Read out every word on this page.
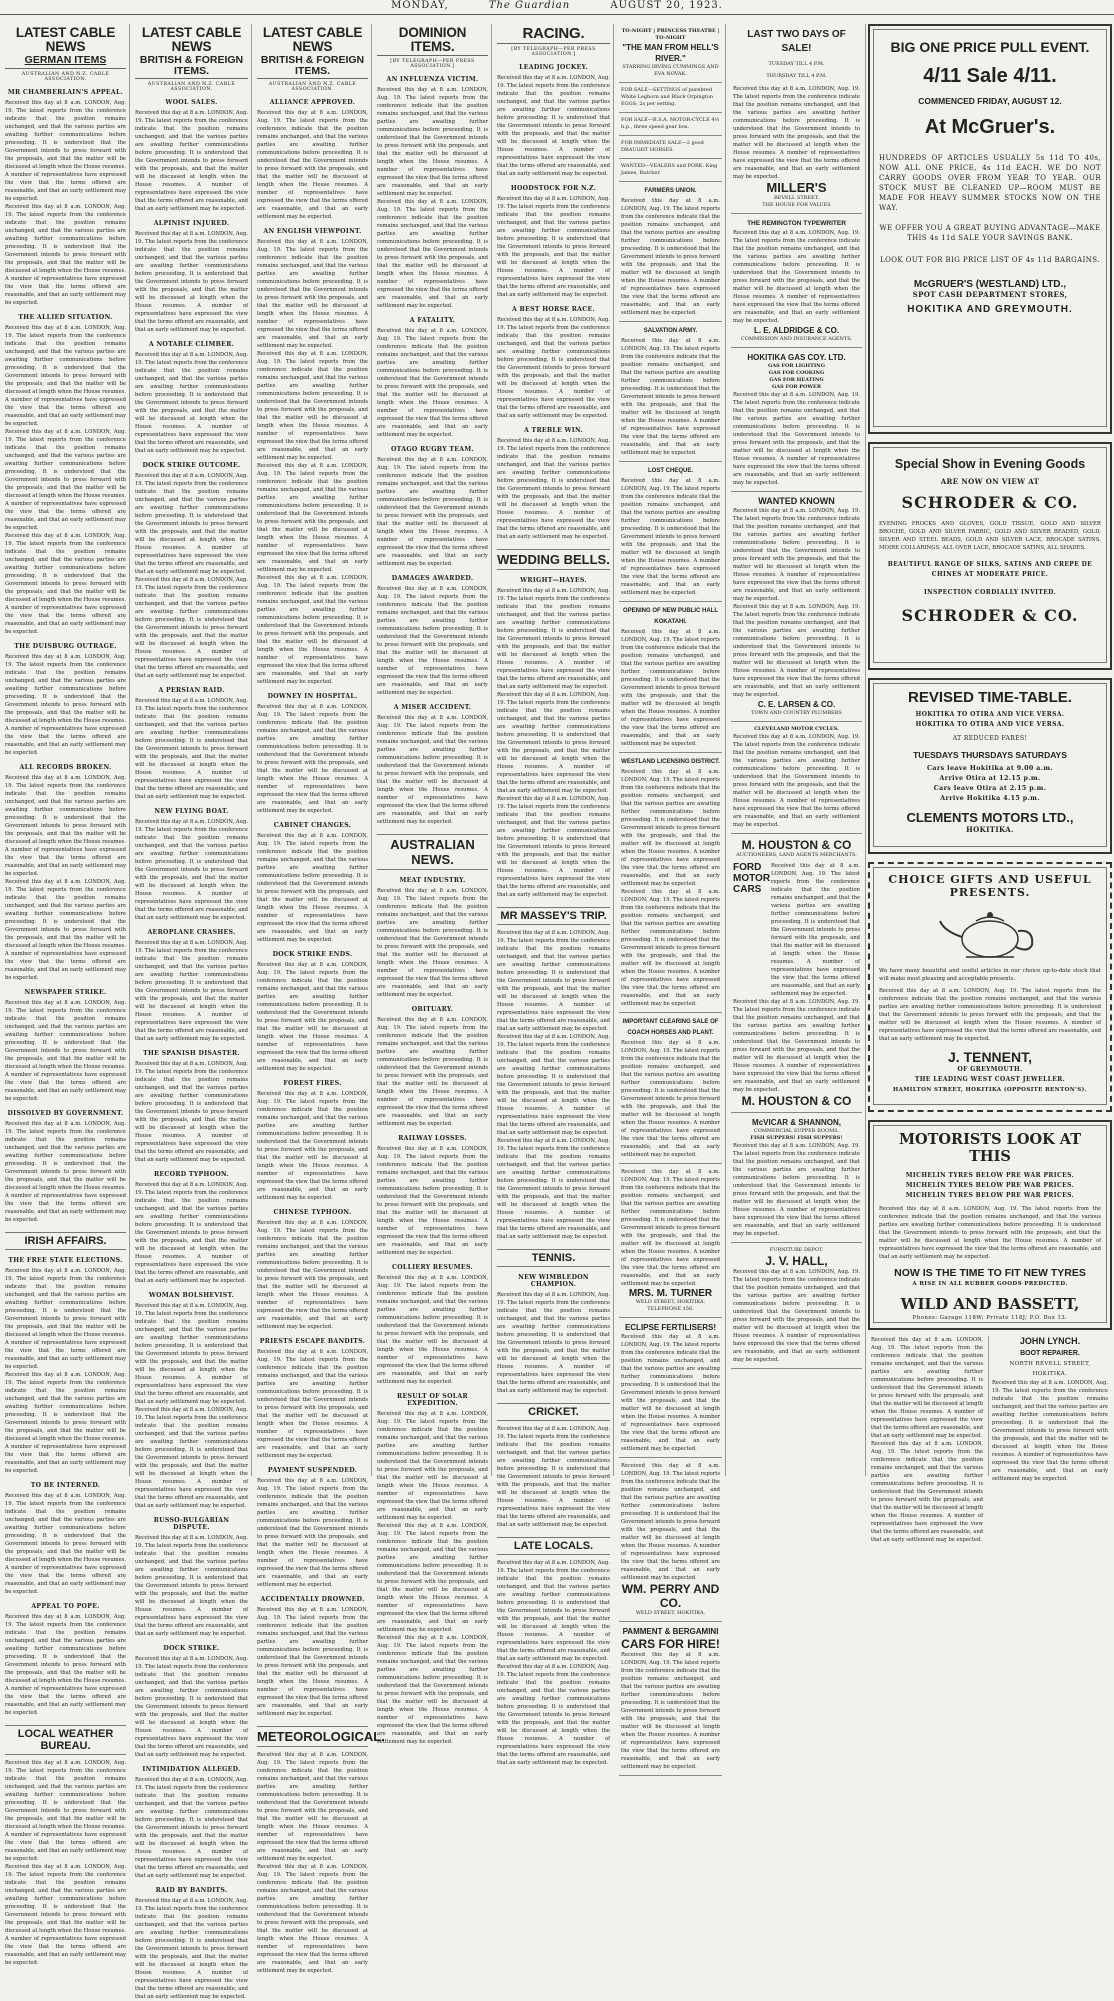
MONDAY,	The Guardian	AUGUST 20, 1923.
LATEST CABLE NEWS
GERMAN ITEMS
AUSTRALIAN AND N.Z. CABLE ASSOCIATION.
MR CHAMBERLAIN'S APPEAL.

Received this day at 8 a.m. LONDON, Aug. 19. The latest reports from the conference indicate that the position remains unchanged, and that the various parties are awaiting further communications before proceeding. It is understood that the Government intends to press forward with the proposals, and that the matter will be discussed at length when the House resumes. A number of representatives have expressed the view that the terms offered are reasonable, and that an early settlement may be expected.

Received this day at 8 a.m. LONDON, Aug. 19. The latest reports from the conference indicate that the position remains unchanged, and that the various parties are awaiting further communications before proceeding. It is understood that the Government intends to press forward with the proposals, and that the matter will be discussed at length when the House resumes. A number of representatives have expressed the view that the terms offered are reasonable, and that an early settlement may be expected.

THE ALLIED SITUATION.

Received this day at 8 a.m. LONDON, Aug. 19. The latest reports from the conference indicate that the position remains unchanged, and that the various parties are awaiting further communications before proceeding. It is understood that the Government intends to press forward with the proposals, and that the matter will be discussed at length when the House resumes. A number of representatives have expressed the view that the terms offered are reasonable, and that an early settlement may be expected.

Received this day at 8 a.m. LONDON, Aug. 19. The latest reports from the conference indicate that the position remains unchanged, and that the various parties are awaiting further communications before proceeding. It is understood that the Government intends to press forward with the proposals, and that the matter will be discussed at length when the House resumes. A number of representatives have expressed the view that the terms offered are reasonable, and that an early settlement may be expected.

Received this day at 8 a.m. LONDON, Aug. 19. The latest reports from the conference indicate that the position remains unchanged, and that the various parties are awaiting further communications before proceeding. It is understood that the Government intends to press forward with the proposals, and that the matter will be discussed at length when the House resumes. A number of representatives have expressed the view that the terms offered are reasonable, and that an early settlement may be expected.

THE DUISBURG OUTRAGE.

Received this day at 8 a.m. LONDON, Aug. 19. The latest reports from the conference indicate that the position remains unchanged, and that the various parties are awaiting further communications before proceeding. It is understood that the Government intends to press forward with the proposals, and that the matter will be discussed at length when the House resumes. A number of representatives have expressed the view that the terms offered are reasonable, and that an early settlement may be expected.

ALL RECORDS BROKEN.

Received this day at 8 a.m. LONDON, Aug. 19. The latest reports from the conference indicate that the position remains unchanged, and that the various parties are awaiting further communications before proceeding. It is understood that the Government intends to press forward with the proposals, and that the matter will be discussed at length when the House resumes. A number of representatives have expressed the view that the terms offered are reasonable, and that an early settlement may be expected.

Received this day at 8 a.m. LONDON, Aug. 19. The latest reports from the conference indicate that the position remains unchanged, and that the various parties are awaiting further communications before proceeding. It is understood that the Government intends to press forward with the proposals, and that the matter will be discussed at length when the House resumes. A number of representatives have expressed the view that the terms offered are reasonable, and that an early settlement may be expected.

NEWSPAPER STRIKE.

Received this day at 8 a.m. LONDON, Aug. 19. The latest reports from the conference indicate that the position remains unchanged, and that the various parties are awaiting further communications before proceeding. It is understood that the Government intends to press forward with the proposals, and that the matter will be discussed at length when the House resumes. A number of representatives have expressed the view that the terms offered are reasonable, and that an early settlement may be expected.

DISSOLVED BY GOVERNMENT.

Received this day at 8 a.m. LONDON, Aug. 19. The latest reports from the conference indicate that the position remains unchanged, and that the various parties are awaiting further communications before proceeding. It is understood that the Government intends to press forward with the proposals, and that the matter will be discussed at length when the House resumes. A number of representatives have expressed the view that the terms offered are reasonable, and that an early settlement may be expected.

IRISH AFFAIRS.
THE FREE STATE ELECTIONS.

Received this day at 8 a.m. LONDON, Aug. 19. The latest reports from the conference indicate that the position remains unchanged, and that the various parties are awaiting further communications before proceeding. It is understood that the Government intends to press forward with the proposals, and that the matter will be discussed at length when the House resumes. A number of representatives have expressed the view that the terms offered are reasonable, and that an early settlement may be expected.

Received this day at 8 a.m. LONDON, Aug. 19. The latest reports from the conference indicate that the position remains unchanged, and that the various parties are awaiting further communications before proceeding. It is understood that the Government intends to press forward with the proposals, and that the matter will be discussed at length when the House resumes. A number of representatives have expressed the view that the terms offered are reasonable, and that an early settlement may be expected.

TO BE INTERNED.

Received this day at 8 a.m. LONDON, Aug. 19. The latest reports from the conference indicate that the position remains unchanged, and that the various parties are awaiting further communications before proceeding. It is understood that the Government intends to press forward with the proposals, and that the matter will be discussed at length when the House resumes. A number of representatives have expressed the view that the terms offered are reasonable, and that an early settlement may be expected.

APPEAL TO POPE.

Received this day at 8 a.m. LONDON, Aug. 19. The latest reports from the conference indicate that the position remains unchanged, and that the various parties are awaiting further communications before proceeding. It is understood that the Government intends to press forward with the proposals, and that the matter will be discussed at length when the House resumes. A number of representatives have expressed the view that the terms offered are reasonable, and that an early settlement may be expected.

LOCAL WEATHER BUREAU.

Received this day at 8 a.m. LONDON, Aug. 19. The latest reports from the conference indicate that the position remains unchanged, and that the various parties are awaiting further communications before proceeding. It is understood that the Government intends to press forward with the proposals, and that the matter will be discussed at length when the House resumes. A number of representatives have expressed the view that the terms offered are reasonable, and that an early settlement may be expected.

Received this day at 8 a.m. LONDON, Aug. 19. The latest reports from the conference indicate that the position remains unchanged, and that the various parties are awaiting further communications before proceeding. It is understood that the Government intends to press forward with the proposals, and that the matter will be discussed at length when the House resumes. A number of representatives have expressed the view that the terms offered are reasonable, and that an early settlement may be expected.

LATEST CABLE NEWS
BRITISH & FOREIGN ITEMS.
AUSTRALIAN AND N.Z. CABLE ASSOCIATION.
WOOL SALES.

Received this day at 8 a.m. LONDON, Aug. 19. The latest reports from the conference indicate that the position remains unchanged, and that the various parties are awaiting further communications before proceeding. It is understood that the Government intends to press forward with the proposals, and that the matter will be discussed at length when the House resumes. A number of representatives have expressed the view that the terms offered are reasonable, and that an early settlement may be expected.

ALPINIST INJURED.

Received this day at 8 a.m. LONDON, Aug. 19. The latest reports from the conference indicate that the position remains unchanged, and that the various parties are awaiting further communications before proceeding. It is understood that the Government intends to press forward with the proposals, and that the matter will be discussed at length when the House resumes. A number of representatives have expressed the view that the terms offered are reasonable, and that an early settlement may be expected.

A NOTABLE CLIMBER.

Received this day at 8 a.m. LONDON, Aug. 19. The latest reports from the conference indicate that the position remains unchanged, and that the various parties are awaiting further communications before proceeding. It is understood that the Government intends to press forward with the proposals, and that the matter will be discussed at length when the House resumes. A number of representatives have expressed the view that the terms offered are reasonable, and that an early settlement may be expected.

DOCK STRIKE OUTCOME.

Received this day at 8 a.m. LONDON, Aug. 19. The latest reports from the conference indicate that the position remains unchanged, and that the various parties are awaiting further communications before proceeding. It is understood that the Government intends to press forward with the proposals, and that the matter will be discussed at length when the House resumes. A number of representatives have expressed the view that the terms offered are reasonable, and that an early settlement may be expected.

Received this day at 8 a.m. LONDON, Aug. 19. The latest reports from the conference indicate that the position remains unchanged, and that the various parties are awaiting further communications before proceeding. It is understood that the Government intends to press forward with the proposals, and that the matter will be discussed at length when the House resumes. A number of representatives have expressed the view that the terms offered are reasonable, and that an early settlement may be expected.

A PERSIAN RAID.

Received this day at 8 a.m. LONDON, Aug. 19. The latest reports from the conference indicate that the position remains unchanged, and that the various parties are awaiting further communications before proceeding. It is understood that the Government intends to press forward with the proposals, and that the matter will be discussed at length when the House resumes. A number of representatives have expressed the view that the terms offered are reasonable, and that an early settlement may be expected.

NEW FLYING BOAT.

Received this day at 8 a.m. LONDON, Aug. 19. The latest reports from the conference indicate that the position remains unchanged, and that the various parties are awaiting further communications before proceeding. It is understood that the Government intends to press forward with the proposals, and that the matter will be discussed at length when the House resumes. A number of representatives have expressed the view that the terms offered are reasonable, and that an early settlement may be expected.

AEROPLANE CRASHES.

Received this day at 8 a.m. LONDON, Aug. 19. The latest reports from the conference indicate that the position remains unchanged, and that the various parties are awaiting further communications before proceeding. It is understood that the Government intends to press forward with the proposals, and that the matter will be discussed at length when the House resumes. A number of representatives have expressed the view that the terms offered are reasonable, and that an early settlement may be expected.

THE SPANISH DISASTER.

Received this day at 8 a.m. LONDON, Aug. 19. The latest reports from the conference indicate that the position remains unchanged, and that the various parties are awaiting further communications before proceeding. It is understood that the Government intends to press forward with the proposals, and that the matter will be discussed at length when the House resumes. A number of representatives have expressed the view that the terms offered are reasonable, and that an early settlement may be expected.

RECORD TYPHOON.

Received this day at 8 a.m. LONDON, Aug. 19. The latest reports from the conference indicate that the position remains unchanged, and that the various parties are awaiting further communications before proceeding. It is understood that the Government intends to press forward with the proposals, and that the matter will be discussed at length when the House resumes. A number of representatives have expressed the view that the terms offered are reasonable, and that an early settlement may be expected.

WOMAN BOLSHEVIST.

Received this day at 8 a.m. LONDON, Aug. 19. The latest reports from the conference indicate that the position remains unchanged, and that the various parties are awaiting further communications before proceeding. It is understood that the Government intends to press forward with the proposals, and that the matter will be discussed at length when the House resumes. A number of representatives have expressed the view that the terms offered are reasonable, and that an early settlement may be expected.

Received this day at 8 a.m. LONDON, Aug. 19. The latest reports from the conference indicate that the position remains unchanged, and that the various parties are awaiting further communications before proceeding. It is understood that the Government intends to press forward with the proposals, and that the matter will be discussed at length when the House resumes. A number of representatives have expressed the view that the terms offered are reasonable, and that an early settlement may be expected.

RUSSO-BULGARIAN DISPUTE.

Received this day at 8 a.m. LONDON, Aug. 19. The latest reports from the conference indicate that the position remains unchanged, and that the various parties are awaiting further communications before proceeding. It is understood that the Government intends to press forward with the proposals, and that the matter will be discussed at length when the House resumes. A number of representatives have expressed the view that the terms offered are reasonable, and that an early settlement may be expected.

DOCK STRIKE.

Received this day at 8 a.m. LONDON, Aug. 19. The latest reports from the conference indicate that the position remains unchanged, and that the various parties are awaiting further communications before proceeding. It is understood that the Government intends to press forward with the proposals, and that the matter will be discussed at length when the House resumes. A number of representatives have expressed the view that the terms offered are reasonable, and that an early settlement may be expected.

INTIMIDATION ALLEGED.

Received this day at 8 a.m. LONDON, Aug. 19. The latest reports from the conference indicate that the position remains unchanged, and that the various parties are awaiting further communications before proceeding. It is understood that the Government intends to press forward with the proposals, and that the matter will be discussed at length when the House resumes. A number of representatives have expressed the view that the terms offered are reasonable, and that an early settlement may be expected.

RAID BY BANDITS.

Received this day at 8 a.m. LONDON, Aug. 19. The latest reports from the conference indicate that the position remains unchanged, and that the various parties are awaiting further communications before proceeding. It is understood that the Government intends to press forward with the proposals, and that the matter will be discussed at length when the House resumes. A number of representatives have expressed the view that the terms offered are reasonable, and that an early settlement may be expected.

LATEST CABLE NEWS
BRITISH & FOREIGN ITEMS.
AUSTRALIAN AND N.Z. CABLE ASSOCIATION.
ALLIANCE APPROVED.

Received this day at 8 a.m. LONDON, Aug. 19. The latest reports from the conference indicate that the position remains unchanged, and that the various parties are awaiting further communications before proceeding. It is understood that the Government intends to press forward with the proposals, and that the matter will be discussed at length when the House resumes. A number of representatives have expressed the view that the terms offered are reasonable, and that an early settlement may be expected.

AN ENGLISH VIEWPOINT.

Received this day at 8 a.m. LONDON, Aug. 19. The latest reports from the conference indicate that the position remains unchanged, and that the various parties are awaiting further communications before proceeding. It is understood that the Government intends to press forward with the proposals, and that the matter will be discussed at length when the House resumes. A number of representatives have expressed the view that the terms offered are reasonable, and that an early settlement may be expected.

Received this day at 8 a.m. LONDON, Aug. 19. The latest reports from the conference indicate that the position remains unchanged, and that the various parties are awaiting further communications before proceeding. It is understood that the Government intends to press forward with the proposals, and that the matter will be discussed at length when the House resumes. A number of representatives have expressed the view that the terms offered are reasonable, and that an early settlement may be expected.

Received this day at 8 a.m. LONDON, Aug. 19. The latest reports from the conference indicate that the position remains unchanged, and that the various parties are awaiting further communications before proceeding. It is understood that the Government intends to press forward with the proposals, and that the matter will be discussed at length when the House resumes. A number of representatives have expressed the view that the terms offered are reasonable, and that an early settlement may be expected.

Received this day at 8 a.m. LONDON, Aug. 19. The latest reports from the conference indicate that the position remains unchanged, and that the various parties are awaiting further communications before proceeding. It is understood that the Government intends to press forward with the proposals, and that the matter will be discussed at length when the House resumes. A number of representatives have expressed the view that the terms offered are reasonable, and that an early settlement may be expected.

DOWNEY IN HOSPITAL.

Received this day at 8 a.m. LONDON, Aug. 19. The latest reports from the conference indicate that the position remains unchanged, and that the various parties are awaiting further communications before proceeding. It is understood that the Government intends to press forward with the proposals, and that the matter will be discussed at length when the House resumes. A number of representatives have expressed the view that the terms offered are reasonable, and that an early settlement may be expected.

CABINET CHANGES.

Received this day at 8 a.m. LONDON, Aug. 19. The latest reports from the conference indicate that the position remains unchanged, and that the various parties are awaiting further communications before proceeding. It is understood that the Government intends to press forward with the proposals, and that the matter will be discussed at length when the House resumes. A number of representatives have expressed the view that the terms offered are reasonable, and that an early settlement may be expected.

DOCK STRIKE ENDS.

Received this day at 8 a.m. LONDON, Aug. 19. The latest reports from the conference indicate that the position remains unchanged, and that the various parties are awaiting further communications before proceeding. It is understood that the Government intends to press forward with the proposals, and that the matter will be discussed at length when the House resumes. A number of representatives have expressed the view that the terms offered are reasonable, and that an early settlement may be expected.

FOREST FIRES.

Received this day at 8 a.m. LONDON, Aug. 19. The latest reports from the conference indicate that the position remains unchanged, and that the various parties are awaiting further communications before proceeding. It is understood that the Government intends to press forward with the proposals, and that the matter will be discussed at length when the House resumes. A number of representatives have expressed the view that the terms offered are reasonable, and that an early settlement may be expected.

CHINESE TYPHOON.

Received this day at 8 a.m. LONDON, Aug. 19. The latest reports from the conference indicate that the position remains unchanged, and that the various parties are awaiting further communications before proceeding. It is understood that the Government intends to press forward with the proposals, and that the matter will be discussed at length when the House resumes. A number of representatives have expressed the view that the terms offered are reasonable, and that an early settlement may be expected.

PRIESTS ESCAPE BANDITS.

Received this day at 8 a.m. LONDON, Aug. 19. The latest reports from the conference indicate that the position remains unchanged, and that the various parties are awaiting further communications before proceeding. It is understood that the Government intends to press forward with the proposals, and that the matter will be discussed at length when the House resumes. A number of representatives have expressed the view that the terms offered are reasonable, and that an early settlement may be expected.

PAYMENT SUSPENDED.

Received this day at 8 a.m. LONDON, Aug. 19. The latest reports from the conference indicate that the position remains unchanged, and that the various parties are awaiting further communications before proceeding. It is understood that the Government intends to press forward with the proposals, and that the matter will be discussed at length when the House resumes. A number of representatives have expressed the view that the terms offered are reasonable, and that an early settlement may be expected.

ACCIDENTALLY DROWNED.

Received this day at 8 a.m. LONDON, Aug. 19. The latest reports from the conference indicate that the position remains unchanged, and that the various parties are awaiting further communications before proceeding. It is understood that the Government intends to press forward with the proposals, and that the matter will be discussed at length when the House resumes. A number of representatives have expressed the view that the terms offered are reasonable, and that an early settlement may be expected.

METEOROLOGICAL.

Received this day at 8 a.m. LONDON, Aug. 19. The latest reports from the conference indicate that the position remains unchanged, and that the various parties are awaiting further communications before proceeding. It is understood that the Government intends to press forward with the proposals, and that the matter will be discussed at length when the House resumes. A number of representatives have expressed the view that the terms offered are reasonable, and that an early settlement may be expected.

Received this day at 8 a.m. LONDON, Aug. 19. The latest reports from the conference indicate that the position remains unchanged, and that the various parties are awaiting further communications before proceeding. It is understood that the Government intends to press forward with the proposals, and that the matter will be discussed at length when the House resumes. A number of representatives have expressed the view that the terms offered are reasonable, and that an early settlement may be expected.

DOMINION ITEMS.
[BY TELEGRAPH—PER PRESS ASSOCIATION.]
AN INFLUENZA VICTIM.

Received this day at 8 a.m. LONDON, Aug. 19. The latest reports from the conference indicate that the position remains unchanged, and that the various parties are awaiting further communications before proceeding. It is understood that the Government intends to press forward with the proposals, and that the matter will be discussed at length when the House resumes. A number of representatives have expressed the view that the terms offered are reasonable, and that an early settlement may be expected.

Received this day at 8 a.m. LONDON, Aug. 19. The latest reports from the conference indicate that the position remains unchanged, and that the various parties are awaiting further communications before proceeding. It is understood that the Government intends to press forward with the proposals, and that the matter will be discussed at length when the House resumes. A number of representatives have expressed the view that the terms offered are reasonable, and that an early settlement may be expected.

A FATALITY.

Received this day at 8 a.m. LONDON, Aug. 19. The latest reports from the conference indicate that the position remains unchanged, and that the various parties are awaiting further communications before proceeding. It is understood that the Government intends to press forward with the proposals, and that the matter will be discussed at length when the House resumes. A number of representatives have expressed the view that the terms offered are reasonable, and that an early settlement may be expected.

OTAGO RUGBY TEAM.

Received this day at 8 a.m. LONDON, Aug. 19. The latest reports from the conference indicate that the position remains unchanged, and that the various parties are awaiting further communications before proceeding. It is understood that the Government intends to press forward with the proposals, and that the matter will be discussed at length when the House resumes. A number of representatives have expressed the view that the terms offered are reasonable, and that an early settlement may be expected.

DAMAGES AWARDED.

Received this day at 8 a.m. LONDON, Aug. 19. The latest reports from the conference indicate that the position remains unchanged, and that the various parties are awaiting further communications before proceeding. It is understood that the Government intends to press forward with the proposals, and that the matter will be discussed at length when the House resumes. A number of representatives have expressed the view that the terms offered are reasonable, and that an early settlement may be expected.

A MISER ACCIDENT.

Received this day at 8 a.m. LONDON, Aug. 19. The latest reports from the conference indicate that the position remains unchanged, and that the various parties are awaiting further communications before proceeding. It is understood that the Government intends to press forward with the proposals, and that the matter will be discussed at length when the House resumes. A number of representatives have expressed the view that the terms offered are reasonable, and that an early settlement may be expected.

AUSTRALIAN NEWS.
MEAT INDUSTRY.

Received this day at 8 a.m. LONDON, Aug. 19. The latest reports from the conference indicate that the position remains unchanged, and that the various parties are awaiting further communications before proceeding. It is understood that the Government intends to press forward with the proposals, and that the matter will be discussed at length when the House resumes. A number of representatives have expressed the view that the terms offered are reasonable, and that an early settlement may be expected.

OBITUARY.

Received this day at 8 a.m. LONDON, Aug. 19. The latest reports from the conference indicate that the position remains unchanged, and that the various parties are awaiting further communications before proceeding. It is understood that the Government intends to press forward with the proposals, and that the matter will be discussed at length when the House resumes. A number of representatives have expressed the view that the terms offered are reasonable, and that an early settlement may be expected.

RAILWAY LOSSES.

Received this day at 8 a.m. LONDON, Aug. 19. The latest reports from the conference indicate that the position remains unchanged, and that the various parties are awaiting further communications before proceeding. It is understood that the Government intends to press forward with the proposals, and that the matter will be discussed at length when the House resumes. A number of representatives have expressed the view that the terms offered are reasonable, and that an early settlement may be expected.

COLLIERY RESUMES.

Received this day at 8 a.m. LONDON, Aug. 19. The latest reports from the conference indicate that the position remains unchanged, and that the various parties are awaiting further communications before proceeding. It is understood that the Government intends to press forward with the proposals, and that the matter will be discussed at length when the House resumes. A number of representatives have expressed the view that the terms offered are reasonable, and that an early settlement may be expected.

RESULT OF SOLAR EXPEDITION.

Received this day at 8 a.m. LONDON, Aug. 19. The latest reports from the conference indicate that the position remains unchanged, and that the various parties are awaiting further communications before proceeding. It is understood that the Government intends to press forward with the proposals, and that the matter will be discussed at length when the House resumes. A number of representatives have expressed the view that the terms offered are reasonable, and that an early settlement may be expected.

Received this day at 8 a.m. LONDON, Aug. 19. The latest reports from the conference indicate that the position remains unchanged, and that the various parties are awaiting further communications before proceeding. It is understood that the Government intends to press forward with the proposals, and that the matter will be discussed at length when the House resumes. A number of representatives have expressed the view that the terms offered are reasonable, and that an early settlement may be expected.

Received this day at 8 a.m. LONDON, Aug. 19. The latest reports from the conference indicate that the position remains unchanged, and that the various parties are awaiting further communications before proceeding. It is understood that the Government intends to press forward with the proposals, and that the matter will be discussed at length when the House resumes. A number of representatives have expressed the view that the terms offered are reasonable, and that an early settlement may be expected.

RACING.
[BY TELEGRAPH—PER PRESS ASSOCIATION.]
LEADING JOCKEY.

Received this day at 8 a.m. LONDON, Aug. 19. The latest reports from the conference indicate that the position remains unchanged, and that the various parties are awaiting further communications before proceeding. It is understood that the Government intends to press forward with the proposals, and that the matter will be discussed at length when the House resumes. A number of representatives have expressed the view that the terms offered are reasonable, and that an early settlement may be expected.

HOODSTOCK FOR N.Z.

Received this day at 8 a.m. LONDON, Aug. 19. The latest reports from the conference indicate that the position remains unchanged, and that the various parties are awaiting further communications before proceeding. It is understood that the Government intends to press forward with the proposals, and that the matter will be discussed at length when the House resumes. A number of representatives have expressed the view that the terms offered are reasonable, and that an early settlement may be expected.

A BEST HORSE RACE.

Received this day at 8 a.m. LONDON, Aug. 19. The latest reports from the conference indicate that the position remains unchanged, and that the various parties are awaiting further communications before proceeding. It is understood that the Government intends to press forward with the proposals, and that the matter will be discussed at length when the House resumes. A number of representatives have expressed the view that the terms offered are reasonable, and that an early settlement may be expected.

A TREBLE WIN.

Received this day at 8 a.m. LONDON, Aug. 19. The latest reports from the conference indicate that the position remains unchanged, and that the various parties are awaiting further communications before proceeding. It is understood that the Government intends to press forward with the proposals, and that the matter will be discussed at length when the House resumes. A number of representatives have expressed the view that the terms offered are reasonable, and that an early settlement may be expected.

WEDDING BELLS.
WRIGHT—HAYES.

Received this day at 8 a.m. LONDON, Aug. 19. The latest reports from the conference indicate that the position remains unchanged, and that the various parties are awaiting further communications before proceeding. It is understood that the Government intends to press forward with the proposals, and that the matter will be discussed at length when the House resumes. A number of representatives have expressed the view that the terms offered are reasonable, and that an early settlement may be expected.

Received this day at 8 a.m. LONDON, Aug. 19. The latest reports from the conference indicate that the position remains unchanged, and that the various parties are awaiting further communications before proceeding. It is understood that the Government intends to press forward with the proposals, and that the matter will be discussed at length when the House resumes. A number of representatives have expressed the view that the terms offered are reasonable, and that an early settlement may be expected.

Received this day at 8 a.m. LONDON, Aug. 19. The latest reports from the conference indicate that the position remains unchanged, and that the various parties are awaiting further communications before proceeding. It is understood that the Government intends to press forward with the proposals, and that the matter will be discussed at length when the House resumes. A number of representatives have expressed the view that the terms offered are reasonable, and that an early settlement may be expected.

MR MASSEY'S TRIP.

Received this day at 8 a.m. LONDON, Aug. 19. The latest reports from the conference indicate that the position remains unchanged, and that the various parties are awaiting further communications before proceeding. It is understood that the Government intends to press forward with the proposals, and that the matter will be discussed at length when the House resumes. A number of representatives have expressed the view that the terms offered are reasonable, and that an early settlement may be expected.

Received this day at 8 a.m. LONDON, Aug. 19. The latest reports from the conference indicate that the position remains unchanged, and that the various parties are awaiting further communications before proceeding. It is understood that the Government intends to press forward with the proposals, and that the matter will be discussed at length when the House resumes. A number of representatives have expressed the view that the terms offered are reasonable, and that an early settlement may be expected.

Received this day at 8 a.m. LONDON, Aug. 19. The latest reports from the conference indicate that the position remains unchanged, and that the various parties are awaiting further communications before proceeding. It is understood that the Government intends to press forward with the proposals, and that the matter will be discussed at length when the House resumes. A number of representatives have expressed the view that the terms offered are reasonable, and that an early settlement may be expected.

TENNIS.
NEW WIMBLEDON CHAMPION.

Received this day at 8 a.m. LONDON, Aug. 19. The latest reports from the conference indicate that the position remains unchanged, and that the various parties are awaiting further communications before proceeding. It is understood that the Government intends to press forward with the proposals, and that the matter will be discussed at length when the House resumes. A number of representatives have expressed the view that the terms offered are reasonable, and that an early settlement may be expected.

CRICKET.

Received this day at 8 a.m. LONDON, Aug. 19. The latest reports from the conference indicate that the position remains unchanged, and that the various parties are awaiting further communications before proceeding. It is understood that the Government intends to press forward with the proposals, and that the matter will be discussed at length when the House resumes. A number of representatives have expressed the view that the terms offered are reasonable, and that an early settlement may be expected.

LATE LOCALS.

Received this day at 8 a.m. LONDON, Aug. 19. The latest reports from the conference indicate that the position remains unchanged, and that the various parties are awaiting further communications before proceeding. It is understood that the Government intends to press forward with the proposals, and that the matter will be discussed at length when the House resumes. A number of representatives have expressed the view that the terms offered are reasonable, and that an early settlement may be expected.

Received this day at 8 a.m. LONDON, Aug. 19. The latest reports from the conference indicate that the position remains unchanged, and that the various parties are awaiting further communications before proceeding. It is understood that the Government intends to press forward with the proposals, and that the matter will be discussed at length when the House resumes. A number of representatives have expressed the view that the terms offered are reasonable, and that an early settlement may be expected.

TO-NIGHT | PRINCESS THEATRE | TO-NIGHT
"THE MAN FROM HELL'S RIVER."
STARRING IRVING CUMMINGS AND EVA NOVAK.
FOR SALE—SETTINGS of purebred White Leghorn and Black Orpington EGGS; 2s per setting.
FOR SALE—B.S.A. MOTOR-CYCLE 4½ h.p., three speed gear box.
FOR IMMEDIATE SALE—2 good DRAUGHT HORSES.
WANTED—VEALERS and PORK. King James, Butcher.
FARMERS UNION.

Received this day at 8 a.m. LONDON, Aug. 19. The latest reports from the conference indicate that the position remains unchanged, and that the various parties are awaiting further communications before proceeding. It is understood that the Government intends to press forward with the proposals, and that the matter will be discussed at length when the House resumes. A number of representatives have expressed the view that the terms offered are reasonable, and that an early settlement may be expected.

SALVATION ARMY.

Received this day at 8 a.m. LONDON, Aug. 19. The latest reports from the conference indicate that the position remains unchanged, and that the various parties are awaiting further communications before proceeding. It is understood that the Government intends to press forward with the proposals, and that the matter will be discussed at length when the House resumes. A number of representatives have expressed the view that the terms offered are reasonable, and that an early settlement may be expected.

LOST CHEQUE.

Received this day at 8 a.m. LONDON, Aug. 19. The latest reports from the conference indicate that the position remains unchanged, and that the various parties are awaiting further communications before proceeding. It is understood that the Government intends to press forward with the proposals, and that the matter will be discussed at length when the House resumes. A number of representatives have expressed the view that the terms offered are reasonable, and that an early settlement may be expected.

OPENING OF NEW PUBLIC HALL KOKATAHI.

Received this day at 8 a.m. LONDON, Aug. 19. The latest reports from the conference indicate that the position remains unchanged, and that the various parties are awaiting further communications before proceeding. It is understood that the Government intends to press forward with the proposals, and that the matter will be discussed at length when the House resumes. A number of representatives have expressed the view that the terms offered are reasonable, and that an early settlement may be expected.

WESTLAND LICENSING DISTRICT.

Received this day at 8 a.m. LONDON, Aug. 19. The latest reports from the conference indicate that the position remains unchanged, and that the various parties are awaiting further communications before proceeding. It is understood that the Government intends to press forward with the proposals, and that the matter will be discussed at length when the House resumes. A number of representatives have expressed the view that the terms offered are reasonable, and that an early settlement may be expected.

Received this day at 8 a.m. LONDON, Aug. 19. The latest reports from the conference indicate that the position remains unchanged, and that the various parties are awaiting further communications before proceeding. It is understood that the Government intends to press forward with the proposals, and that the matter will be discussed at length when the House resumes. A number of representatives have expressed the view that the terms offered are reasonable, and that an early settlement may be expected.

IMPORTANT CLEARING SALE OF COACH HORSES AND PLANT.

Received this day at 8 a.m. LONDON, Aug. 19. The latest reports from the conference indicate that the position remains unchanged, and that the various parties are awaiting further communications before proceeding. It is understood that the Government intends to press forward with the proposals, and that the matter will be discussed at length when the House resumes. A number of representatives have expressed the view that the terms offered are reasonable, and that an early settlement may be expected.

Received this day at 8 a.m. LONDON, Aug. 19. The latest reports from the conference indicate that the position remains unchanged, and that the various parties are awaiting further communications before proceeding. It is understood that the Government intends to press forward with the proposals, and that the matter will be discussed at length when the House resumes. A number of representatives have expressed the view that the terms offered are reasonable, and that an early settlement may be expected.

MRS. M. TURNER
WELD STREET, HOKITIKA.
TELEPHONE 156.
ECLIPSE FERTILISERS!

Received this day at 8 a.m. LONDON, Aug. 19. The latest reports from the conference indicate that the position remains unchanged, and that the various parties are awaiting further communications before proceeding. It is understood that the Government intends to press forward with the proposals, and that the matter will be discussed at length when the House resumes. A number of representatives have expressed the view that the terms offered are reasonable, and that an early settlement may be expected.

Received this day at 8 a.m. LONDON, Aug. 19. The latest reports from the conference indicate that the position remains unchanged, and that the various parties are awaiting further communications before proceeding. It is understood that the Government intends to press forward with the proposals, and that the matter will be discussed at length when the House resumes. A number of representatives have expressed the view that the terms offered are reasonable, and that an early settlement may be expected.

WM. PERRY AND CO.
WELD STREET, HOKITIKA.
PAMMENT & BERGAMINI
CARS FOR HIRE!

Received this day at 8 a.m. LONDON, Aug. 19. The latest reports from the conference indicate that the position remains unchanged, and that the various parties are awaiting further communications before proceeding. It is understood that the Government intends to press forward with the proposals, and that the matter will be discussed at length when the House resumes. A number of representatives have expressed the view that the terms offered are reasonable, and that an early settlement may be expected.

LAST TWO DAYS OF SALE!
TUESDAY TILL 4 P.M.
THURSDAY TILL 4 P.M.

Received this day at 8 a.m. LONDON, Aug. 19. The latest reports from the conference indicate that the position remains unchanged, and that the various parties are awaiting further communications before proceeding. It is understood that the Government intends to press forward with the proposals, and that the matter will be discussed at length when the House resumes. A number of representatives have expressed the view that the terms offered are reasonable, and that an early settlement may be expected.

MILLER'S
REVELL STREET.
THE HOUSE FOR VALUES
THE REMINGTON TYPEWRITER

Received this day at 8 a.m. LONDON, Aug. 19. The latest reports from the conference indicate that the position remains unchanged, and that the various parties are awaiting further communications before proceeding. It is understood that the Government intends to press forward with the proposals, and that the matter will be discussed at length when the House resumes. A number of representatives have expressed the view that the terms offered are reasonable, and that an early settlement may be expected.

L. E. ALDRIDGE & CO.
COMMISSION AND INSURANCE AGENTS.
HOKITIKA GAS COY. LTD.
GAS FOR LIGHTING
GAS FOR COOKING
GAS FOR HEATING
GAS FOR POWER

Received this day at 8 a.m. LONDON, Aug. 19. The latest reports from the conference indicate that the position remains unchanged, and that the various parties are awaiting further communications before proceeding. It is understood that the Government intends to press forward with the proposals, and that the matter will be discussed at length when the House resumes. A number of representatives have expressed the view that the terms offered are reasonable, and that an early settlement may be expected.

WANTED KNOWN

Received this day at 8 a.m. LONDON, Aug. 19. The latest reports from the conference indicate that the position remains unchanged, and that the various parties are awaiting further communications before proceeding. It is understood that the Government intends to press forward with the proposals, and that the matter will be discussed at length when the House resumes. A number of representatives have expressed the view that the terms offered are reasonable, and that an early settlement may be expected.

Received this day at 8 a.m. LONDON, Aug. 19. The latest reports from the conference indicate that the position remains unchanged, and that the various parties are awaiting further communications before proceeding. It is understood that the Government intends to press forward with the proposals, and that the matter will be discussed at length when the House resumes. A number of representatives have expressed the view that the terms offered are reasonable, and that an early settlement may be expected.

C. E. LARSEN & CO.
TOWN AND COUNTRY PLUMBERS
CLEVELAND MOTOR CYCLES.

Received this day at 8 a.m. LONDON, Aug. 19. The latest reports from the conference indicate that the position remains unchanged, and that the various parties are awaiting further communications before proceeding. It is understood that the Government intends to press forward with the proposals, and that the matter will be discussed at length when the House resumes. A number of representatives have expressed the view that the terms offered are reasonable, and that an early settlement may be expected.

M. HOUSTON & CO
AUCTIONEERS, LAND AGENTS MERCHANTS.
FORD
MOTOR
CARS

Received this day at 8 a.m. LONDON, Aug. 19. The latest reports from the conference indicate that the position remains unchanged, and that the various parties are awaiting further communications before proceeding. It is understood that the Government intends to press forward with the proposals, and that the matter will be discussed at length when the House resumes. A number of representatives have expressed the view that the terms offered are reasonable, and that an early settlement may be expected.

Received this day at 8 a.m. LONDON, Aug. 19. The latest reports from the conference indicate that the position remains unchanged, and that the various parties are awaiting further communications before proceeding. It is understood that the Government intends to press forward with the proposals, and that the matter will be discussed at length when the House resumes. A number of representatives have expressed the view that the terms offered are reasonable, and that an early settlement may be expected.

M. HOUSTON & CO
McVICAR & SHANNON,
COMMERCIAL SUPPER ROOMS.
FISH SUPPERS! FISH SUPPERS!

Received this day at 8 a.m. LONDON, Aug. 19. The latest reports from the conference indicate that the position remains unchanged, and that the various parties are awaiting further communications before proceeding. It is understood that the Government intends to press forward with the proposals, and that the matter will be discussed at length when the House resumes. A number of representatives have expressed the view that the terms offered are reasonable, and that an early settlement may be expected.

FURNITURE DEPOT.
J. V. HALL,

Received this day at 8 a.m. LONDON, Aug. 19. The latest reports from the conference indicate that the position remains unchanged, and that the various parties are awaiting further communications before proceeding. It is understood that the Government intends to press forward with the proposals, and that the matter will be discussed at length when the House resumes. A number of representatives have expressed the view that the terms offered are reasonable, and that an early settlement may be expected.

BIG ONE PRICE PULL EVENT.
4/11 Sale 4/11.
COMMENCED FRIDAY, AUGUST 12.
At McGruer's.
HUNDREDS OF ARTICLES USUALLY 5s 11d TO 40s, NOW ALL ONE PRICE, 4s 11d EACH. WE DO NOT CARRY GOODS OVER FROM YEAR TO YEAR. OUR STOCK MUST BE CLEANED UP—ROOM MUST BE MADE FOR HEAVY SUMMER STOCKS NOW ON THE WAY.
WE OFFER YOU A GREAT BUYING ADVANTAGE—MAKE THIS 4s 11d SALE YOUR SAVINGS BANK.
LOOK OUT FOR BIG PRICE LIST OF 4s 11d BARGAINS.
McGRUER'S (WESTLAND) LTD.,
SPOT CASH DEPARTMENT STORES,
HOKITIKA AND GREYMOUTH.
Special Show in Evening Goods
ARE NOW ON VIEW AT
SCHRODER & CO.
EVENING FROCKS AND GLOVES, GOLD TISSUE, GOLD AND SILVER BROCHE, GOLD AND SILVER FABRIC, GOLD AND SILVER BEADED, GOLD, SILVER AND STEEL BEADS, GOLD AND SILVER LACE, BROCADE SATINS, MOIRE COLLARINGS, ALL OVER LACE, BROCADE SATINS, ALL SHADES.
BEAUTIFUL RANGE OF SILKS, SATINS AND CREPE DE CHINES AT MODERATE PRICE.
INSPECTION CORDIALLY INVITED.
SCHRODER & CO.
REVISED TIME-TABLE.
HOKITIKA TO OTIRA AND VICE VERSA.
HOKITIKA TO OTIRA AND VICE VERSA.
AT REDUCED FARES!
TUESDAYS THURSDAYS SATURDAYS
Cars leave Hokitika at 9.00 a.m.
Arrive Otira at 12.15 p.m.
Cars leave Otira at 2.15 p.m.
Arrive Hokitika 4.15 p.m.
CLEMENTS MOTORS LTD.,
HOKITIKA.
CHOICE GIFTS AND USEFUL PRESENTS.
We have many beautiful and useful articles in our choice up-to-date stock that will make most pleasing and acceptable presents.

Received this day at 8 a.m. LONDON, Aug. 19. The latest reports from the conference indicate that the position remains unchanged, and that the various parties are awaiting further communications before proceeding. It is understood that the Government intends to press forward with the proposals, and that the matter will be discussed at length when the House resumes. A number of representatives have expressed the view that the terms offered are reasonable, and that an early settlement may be expected.

J. TENNENT,
OF GREYMOUTH.
THE LEADING WEST COAST JEWELLER.
HAMILTON STREET, HOKITIKA (OPPOSITE RENTON'S).
MOTORISTS LOOK AT THIS
MICHELIN TYRES BELOW PRE WAR PRICES.
MICHELIN TYRES BELOW PRE WAR PRICES.
MICHELIN TYRES BELOW PRE WAR PRICES.

Received this day at 8 a.m. LONDON, Aug. 19. The latest reports from the conference indicate that the position remains unchanged, and that the various parties are awaiting further communications before proceeding. It is understood that the Government intends to press forward with the proposals, and that the matter will be discussed at length when the House resumes. A number of representatives have expressed the view that the terms offered are reasonable, and that an early settlement may be expected.

NOW IS THE TIME TO FIT NEW TYRES
A RISE IN ALL RUBBER GOODS PREDICTED.
WILD AND BASSETT,
Phones: Garage 118W; Private 118J; P.O. Box 13.
JOHN LYNCH.
BOOT REPAIRER.
NORTH REVELL STREET,
HOKITIKA.

Received this day at 8 a.m. LONDON, Aug. 19. The latest reports from the conference indicate that the position remains unchanged, and that the various parties are awaiting further communications before proceeding. It is understood that the Government intends to press forward with the proposals, and that the matter will be discussed at length when the House resumes. A number of representatives have expressed the view that the terms offered are reasonable, and that an early settlement may be expected.

Received this day at 8 a.m. LONDON, Aug. 19. The latest reports from the conference indicate that the position remains unchanged, and that the various parties are awaiting further communications before proceeding. It is understood that the Government intends to press forward with the proposals, and that the matter will be discussed at length when the House resumes. A number of representatives have expressed the view that the terms offered are reasonable, and that an early settlement may be expected.

Received this day at 8 a.m. LONDON, Aug. 19. The latest reports from the conference indicate that the position remains unchanged, and that the various parties are awaiting further communications before proceeding. It is understood that the Government intends to press forward with the proposals, and that the matter will be discussed at length when the House resumes. A number of representatives have expressed the view that the terms offered are reasonable, and that an early settlement may be expected.
